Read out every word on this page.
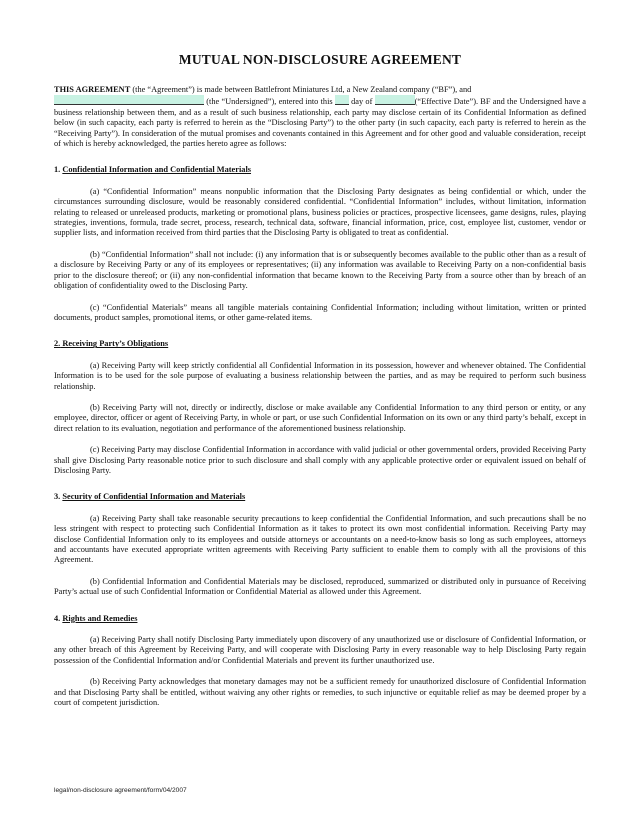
MUTUAL NON-DISCLOSURE AGREEMENT

THIS AGREEMENT (the “Agreement”) is made between Battlefront Miniatures Ltd, a New Zealand company (“BF”), and
(the “Undersigned”), entered into this  day of	(“Effective Date”). BF and the Undersigned have a business relationship between them, and as a result of such business relationship, each party may disclose certain of its Confidential Information as defined below (in such capacity, each party is referred to herein as the “Disclosing Party”) to the other party (in such capacity, each party is referred to herein as the “Receiving Party”). In consideration of the mutual promises and covenants contained in this Agreement and for other good and valuable consideration, receipt of which is hereby acknowledged, the parties hereto agree as follows:

1. Confidential Information and Confidential Materials

(a) “Confidential Information” means nonpublic information that the Disclosing Party designates as being confidential or which, under the circumstances surrounding disclosure, would be reasonably considered confidential. “Confidential Information” includes, without limitation, information relating to released or unreleased products, marketing or promotional plans, business policies or practices, prospective licensees, game designs, rules, playing strategies, inventions, formula, trade secret, process, research, technical data, software, financial information, price, cost, employee list, customer, vendor or supplier lists, and information received from third parties that the Disclosing Party is obligated to treat as confidential.

(b) “Confidential Information” shall not include: (i) any information that is or subsequently becomes available to the public other than as a result of a disclosure by Receiving Party or any of its employees or representatives; (ii) any information was available to Receiving Party on a non-confidential basis prior to the disclosure thereof; or (ii) any non-confidential information that became known to the Receiving Party from a source other than by breach of an obligation of confidentiality owed to the Disclosing Party.

(c) “Confidential Materials” means all tangible materials containing Confidential Information; including without limitation, written or printed documents, product samples, promotional items, or other game-related items.

2. Receiving Party’s Obligations

(a) Receiving Party will keep strictly confidential all Confidential Information in its possession, however and whenever obtained. The Confidential Information is to be used for the sole purpose of evaluating a business relationship between the parties, and as may be required to perform such business relationship.

(b) Receiving Party will not, directly or indirectly, disclose or make available any Confidential Information to any third person or entity, or any employee, director, officer or agent of Receiving Party, in whole or part, or use such Confidential Information on its own or any third party’s behalf, except in direct relation to its evaluation, negotiation and performance of the aforementioned business relationship.

(c) Receiving Party may disclose Confidential Information in accordance with valid judicial or other governmental orders, provided Receiving Party shall give Disclosing Party reasonable notice prior to such disclosure and shall comply with any applicable protective order or equivalent issued on behalf of Disclosing Party.

3. Security of Confidential Information and Materials

(a) Receiving Party shall take reasonable security precautions to keep confidential the Confidential Information, and such precautions shall be no less stringent with respect to protecting such Confidential Information as it takes to protect its own most confidential information. Receiving Party may disclose Confidential Information only to its employees and outside attorneys or accountants on a need-to-know basis so long as such employees, attorneys and accountants have executed appropriate written agreements with Receiving Party sufficient to enable them to comply with all the provisions of this Agreement.

(b) Confidential Information and Confidential Materials may be disclosed, reproduced, summarized or distributed only in pursuance of Receiving Party’s actual use of such Confidential Information or Confidential Material as allowed under this Agreement.

4. Rights and Remedies

(a) Receiving Party shall notify Disclosing Party immediately upon discovery of any unauthorized use or disclosure of Confidential Information, or any other breach of this Agreement by Receiving Party, and will cooperate with Disclosing Party in every reasonable way to help Disclosing Party regain possession of the Confidential Information and/or Confidential Materials and prevent its further unauthorized use.

(b) Receiving Party acknowledges that monetary damages may not be a sufficient remedy for unauthorized disclosure of Confidential Information and that Disclosing Party shall be entitled, without waiving any other rights or remedies, to such injunctive or equitable relief as may be deemed proper by a court of competent jurisdiction.

legal/non-disclosure agreement/form/04/2007
